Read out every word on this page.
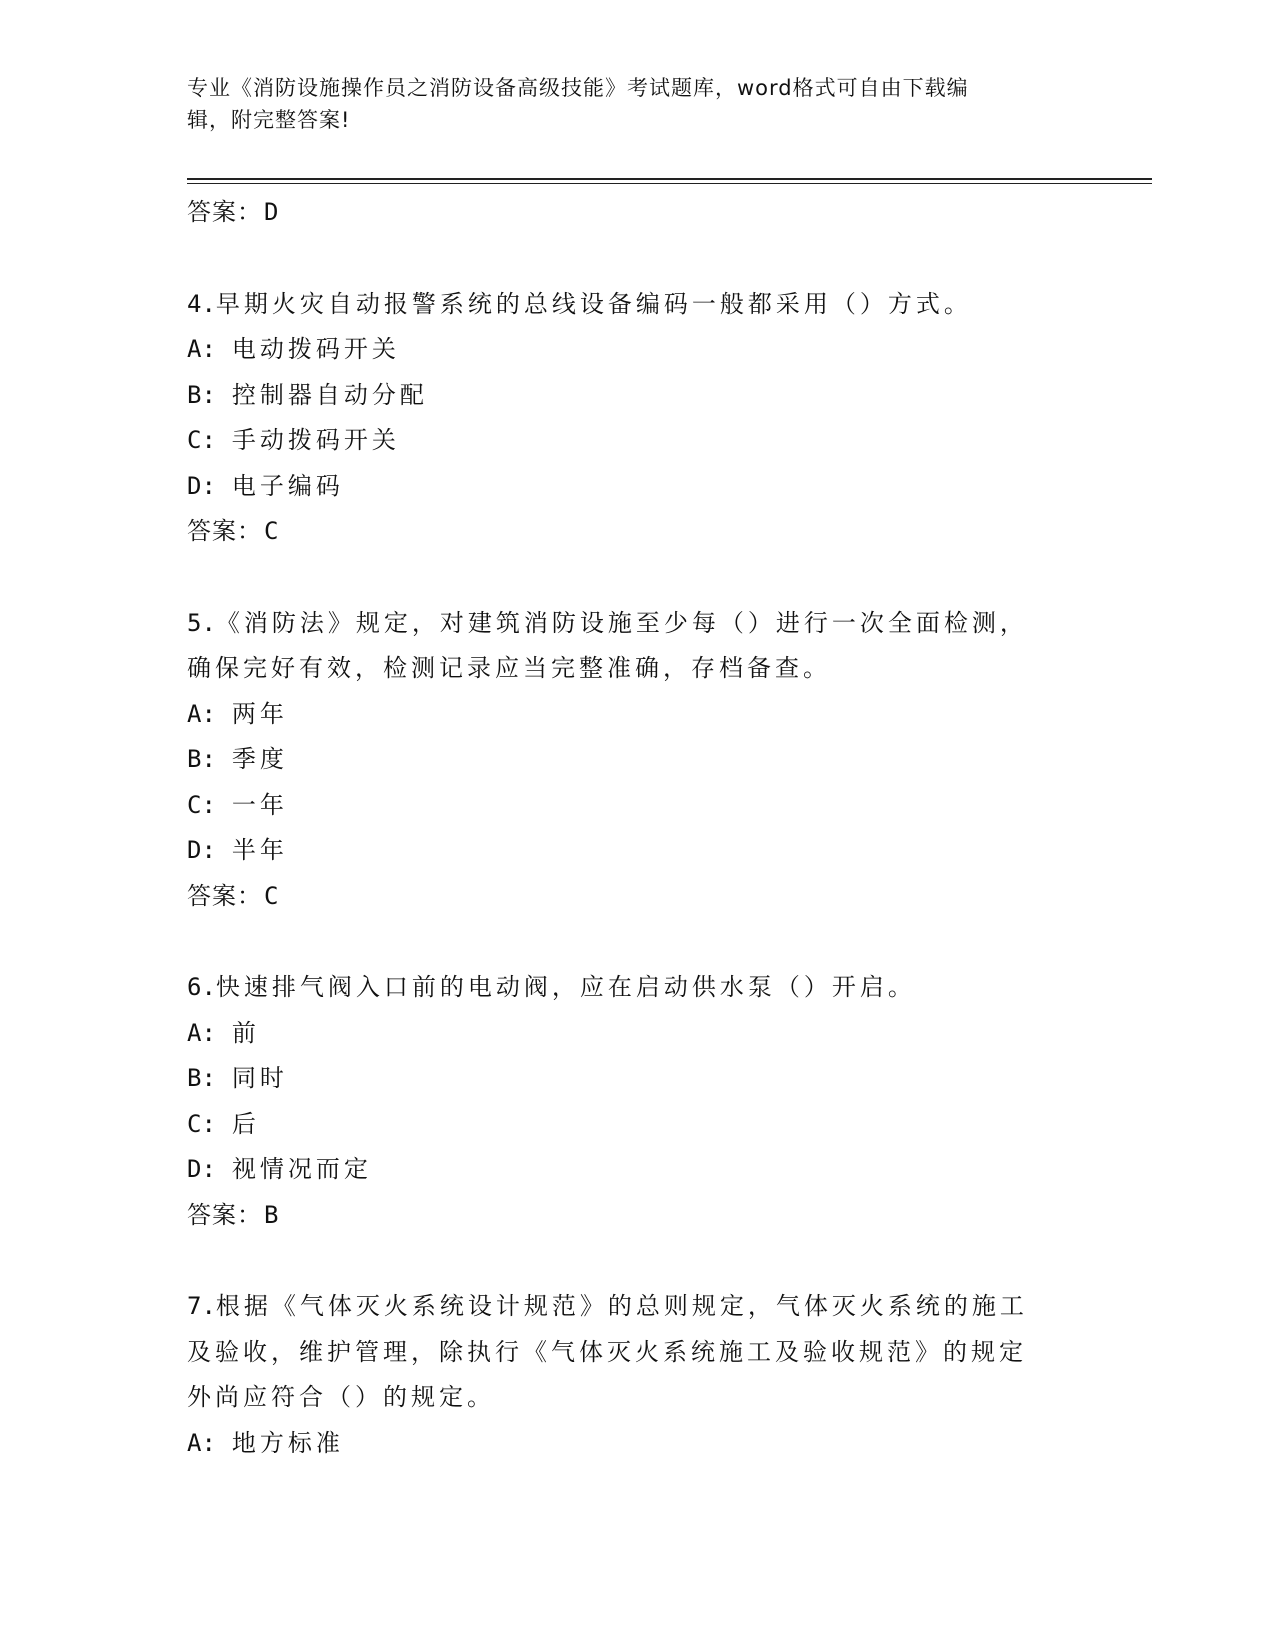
专业《消防设施操作员之消防设备高级技能》考试题库，word格式可自由下载编
辑，附完整答案!
答案：D
4.早期火灾自动报警系统的总线设备编码一般都采用（）方式。
A: 电动拨码开关
B: 控制器自动分配
C: 手动拨码开关
D: 电子编码
答案：C
5.《消防法》规定，对建筑消防设施至少每（）进行一次全面检测，
确保完好有效，检测记录应当完整准确，存档备查。
A: 两年
B: 季度
C: 一年
D: 半年
答案：C
6.快速排气阀入口前的电动阀，应在启动供水泵（）开启。
A: 前
B: 同时
C: 后
D: 视情况而定
答案：B
7.根据《气体灭火系统设计规范》的总则规定，气体灭火系统的施工
及验收，维护管理，除执行《气体灭火系统施工及验收规范》的规定
外尚应符合（）的规定。
A: 地方标准
